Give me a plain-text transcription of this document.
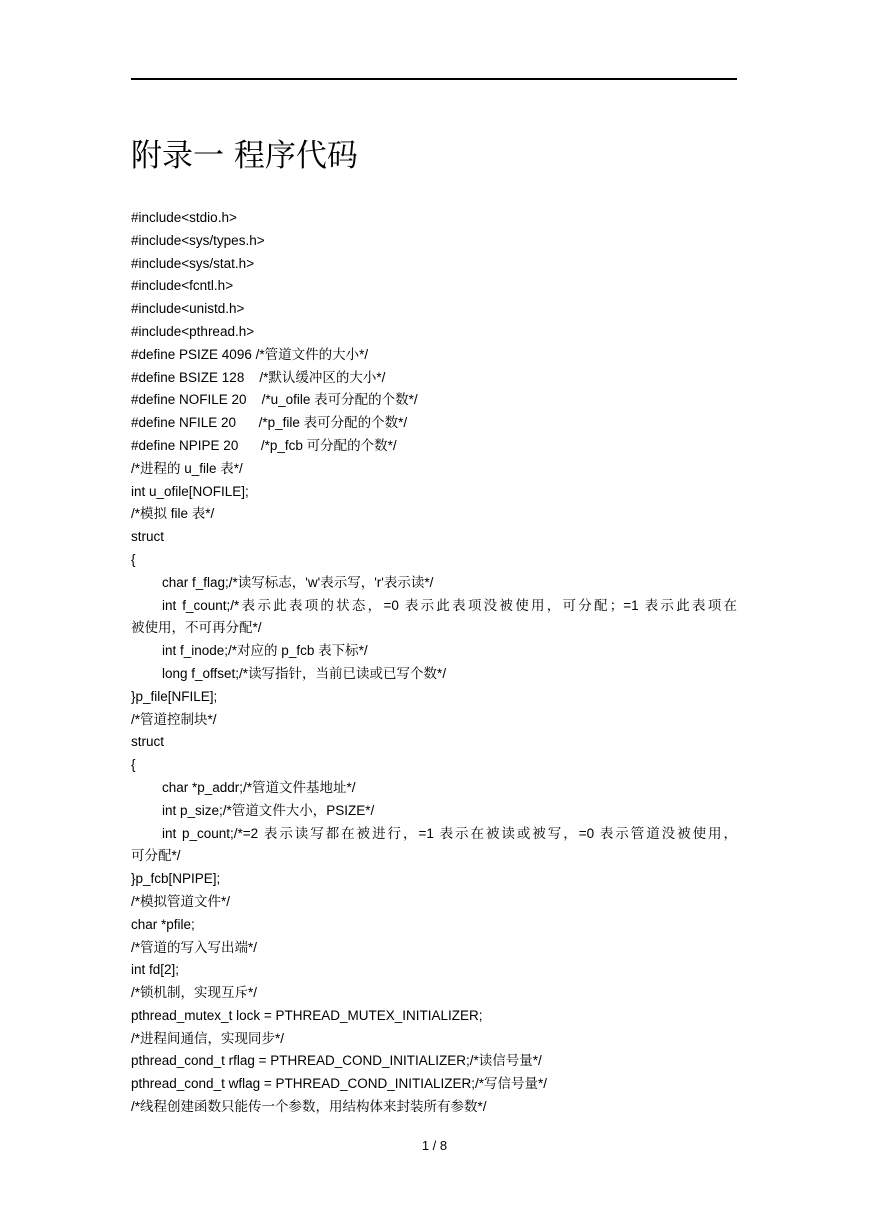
附录一 程序代码
#include<stdio.h>
#include<sys/types.h>
#include<sys/stat.h>
#include<fcntl.h>
#include<unistd.h>
#include<pthread.h>
#define PSIZE 4096 /*管道文件的大小*/
#define BSIZE 128    /*默认缓冲区的大小*/
#define NOFILE 20    /*u_ofile 表可分配的个数*/
#define NFILE 20      /*p_file 表可分配的个数*/
#define NPIPE 20      /*p_fcb 可分配的个数*/
/*进程的 u_file 表*/
int u_ofile[NOFILE];
/*模拟 file 表*/
struct
{
char f_flag;/*读写标志，'w'表示写，'r'表示读*/
int f_count;/*表示此表项的状态，=0 表示此表项没被使用，可分配；=1 表示此表项在
被使用，不可再分配*/
int f_inode;/*对应的 p_fcb 表下标*/
long f_offset;/*读写指针，当前已读或已写个数*/
}p_file[NFILE];
/*管道控制块*/
struct
{
char *p_addr;/*管道文件基地址*/
int p_size;/*管道文件大小，PSIZE*/
int p_count;/*=2 表示读写都在被进行，=1 表示在被读或被写，=0 表示管道没被使用，
可分配*/
}p_fcb[NPIPE];
/*模拟管道文件*/
char *pfile;
/*管道的写入写出端*/
int fd[2];
/*锁机制，实现互斥*/
pthread_mutex_t lock = PTHREAD_MUTEX_INITIALIZER;
/*进程间通信，实现同步*/
pthread_cond_t rflag = PTHREAD_COND_INITIALIZER;/*读信号量*/
pthread_cond_t wflag = PTHREAD_COND_INITIALIZER;/*写信号量*/
/*线程创建函数只能传一个参数，用结构体来封装所有参数*/
1 / 8
